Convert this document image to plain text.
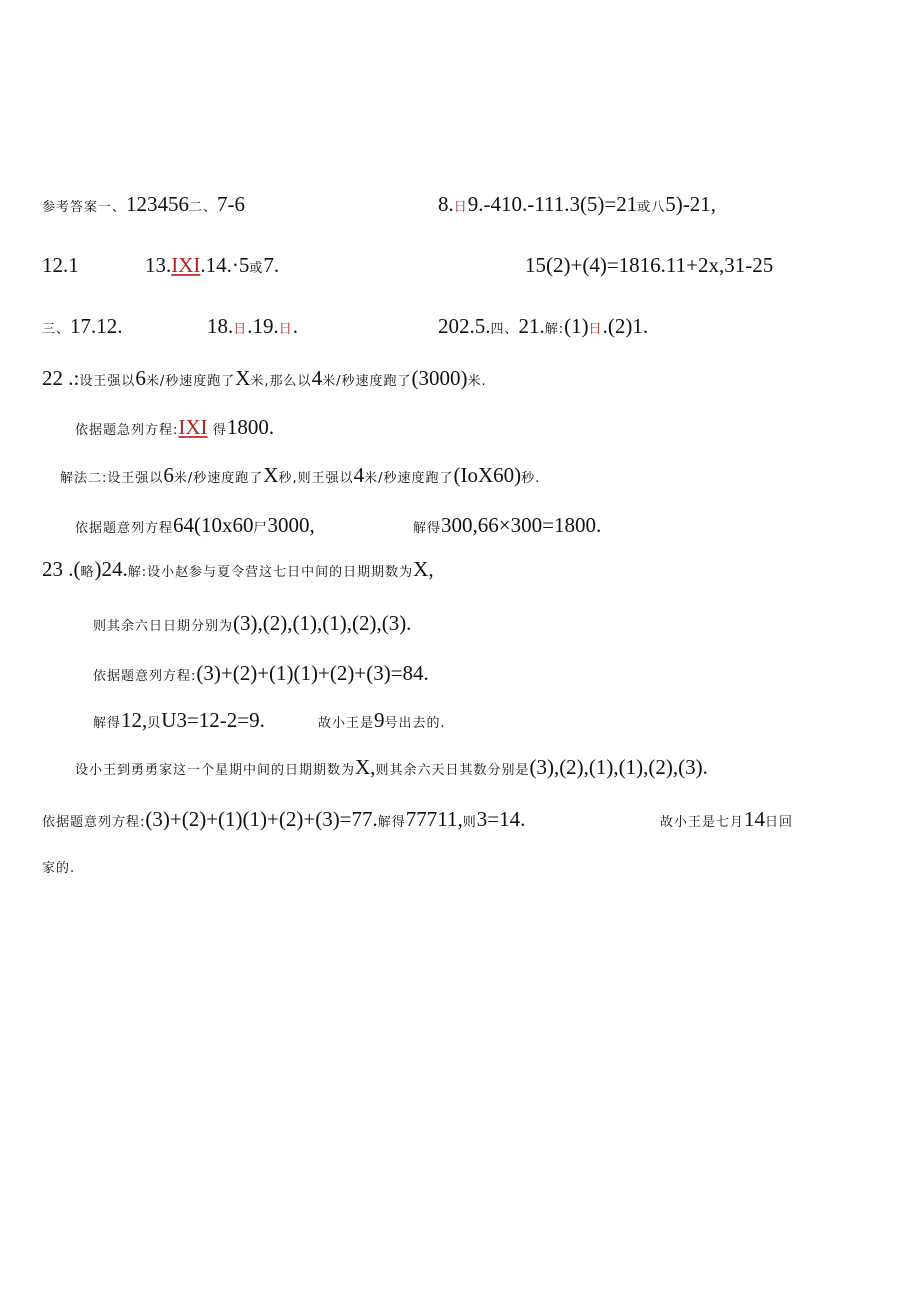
参考答案一、123456二、7-6	8.日9.-410.-111.3(5)=21或八5)-21,
12.1	13.IXI.14.·5或7.	15(2)+(4)=1816.11+2x,31-25
三、17.12.	18.日.19.日.	202.5.四、21.解:(1)日.(2)1.
22 .:设王强以6米/秒速度跑了X米,那么以4米/秒速度跑了(3000)米.
依据题急列方程:IXI 得1800.
解法二:设王强以6米/秒速度跑了X秒,则王强以4米/秒速度跑了(IoX60)秒.
依据题意列方程64(10x60尸3000,	解得300,66×300=1800.
23 .(略)24.解:设小赵参与夏令营这七日中间的日期期数为X,
则其余六日日期分别为(3),(2),(1),(1),(2),(3).
依据题意列方程:(3)+(2)+(1)(1)+(2)+(3)=84.
解得12,贝U3=12-2=9.	故小王是9号出去的.
设小王到勇勇家这一个星期中间的日期期数为X,则其余六天日其数分别是(3),(2),(1),(1),(2),(3).
依据题意列方程:(3)+(2)+(1)(1)+(2)+(3)=77.解得77711,则3=14.	故小王是七月14日回
家的.
